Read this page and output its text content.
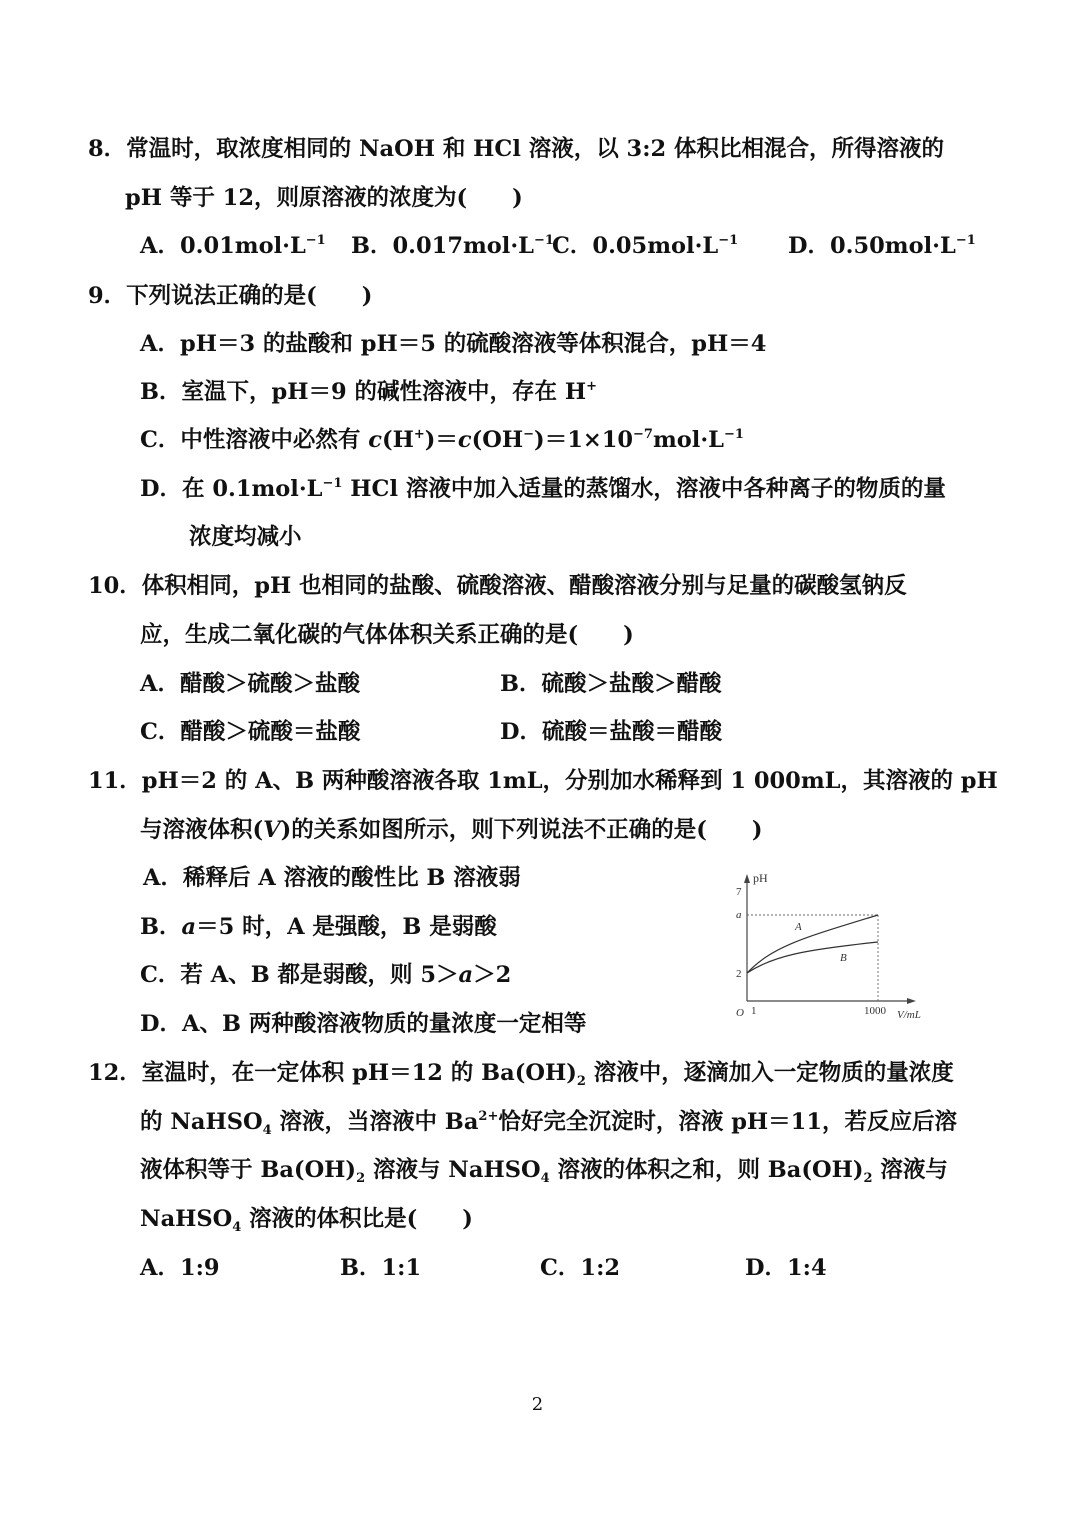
8．常温时，取浓度相同的 NaOH 和 HCl 溶液，以 3:2 体积比相混合，所得溶液的
pH 等于 12，则原溶液的浓度为(　　)
A．$0.01mol\cdot L^{-1}$ B．$0.017mol\cdot L^{-1}$
C．$0.05mol\cdot L^{-1}$ D．$0.50mol\cdot L^{-1}$
9．下列说法正确的是(　　)
A．pH＝3 的盐酸和 pH＝5 的硫酸溶液等体积混合，pH＝4
B．室温下，pH＝9 的碱性溶液中，存在 H+
C．中性溶液中必然有 $c(H^+)=c(OH^-)=1\times 10^{-7}mol\cdot L^{-1}$
D．在 $0.1mol\cdot L^{-1}$ HCl 溶液中加入适量的蒸馏水，溶液中各种离子的物质的量
浓度均减小
10．体积相同，pH 也相同的盐酸、硫酸溶液、醋酸溶液分别与足量的碳酸氢钠反
应，生成二氧化碳的气体体积关系正确的是(　　)
A．醋酸＞硫酸＞盐酸	B．硫酸＞盐酸＞醋酸
C．醋酸＞硫酸＝盐酸	D．硫酸＝盐酸＝醋酸
11．pH＝2 的 A、B 两种酸溶液各取 1mL，分别加水稀释到 1 000mL，其溶液的 pH
与溶液体积(V)的关系如图所示，则下列说法不正确的是(　　)
A．稀释后 A 溶液的酸性比 B 溶液弱
B．a＝5 时，A 是强酸，B 是弱酸
C．若 A、B 都是弱酸，则 5＞a＞2
D．A、B 两种酸溶液物质的量浓度一定相等
pH
7
a
2
O 1	1000 V/mL
A
B
12．室温时，在一定体积 pH＝12 的 $Ba(OH)_2$ 溶液中，逐滴加入一定物质的量浓度
的 NaHSO$_4$ 溶液，当溶液中 $Ba^{2+}$恰好完全沉淀时，溶液 pH＝11，若反应后溶
液体积等于 $Ba(OH)_2$ 溶液与 NaHSO$_4$ 溶液的体积之和，则 $Ba(OH)_2$ 溶液与
NaHSO$_4$ 溶液的体积比是(　　)
A．1:9	B．1:1	C．1:2	D．1:4
2
